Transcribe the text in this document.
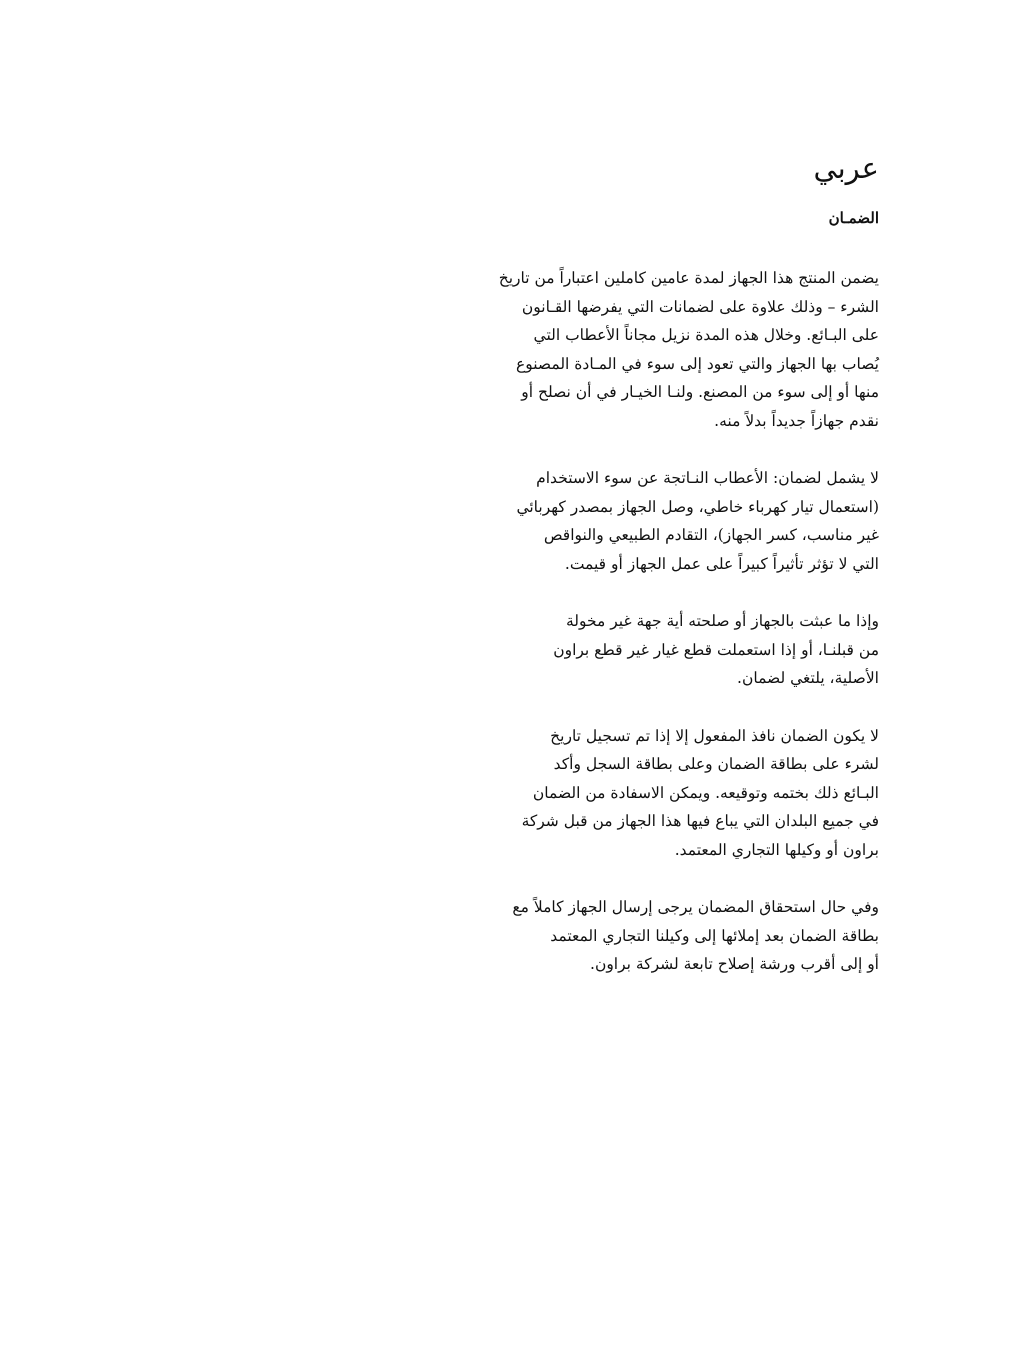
عربي
الضمـان

يضمن المنتج هذا الجهاز لمدة عامين كاملين اعتباراً من تاريخ
الشرء – وذلك علاوة على لضمانات التي يفرضها القـانون
على البـائع. وخلال هذه المدة نزيل مجاناً الأعطاب التي
يُصاب بها الجهاز والتي تعود إلى سوء في المـادة المصنوع
منها أو إلى سوء من المصنع. ولنـا الخيـار في أن نصلح أو
نقدم جهازاً جديداً بدلاً منه.

لا يشمل لضمان: الأعطاب النـاتجة عن سوء الاستخدام
(استعمال تيار كهرباء خاطي، وصل الجهاز بمصدر كهربائي
غير مناسب، كسر الجهاز)، التقادم الطبيعي والنواقص
التي لا تؤثر تأثيراً كبيراً على عمل الجهاز أو قيمت.

وإذا ما عبثت بالجهاز أو صلحته أية جهة غير مخولة
من قبلنـا، أو إذا استعملت قطع غيار غير قطع براون
الأصلية، يلتغي لضمان.

لا يكون الضمان نافذ المفعول إلا إذا تم تسجيل تاريخ
لشرء على بطاقة الضمان وعلى بطاقة السجل وأكد
البـائع ذلك بختمه وتوقيعه. ويمكن الاسفادة من الضمان
في جميع البلدان التي يباع فيها هذا الجهاز من قبل شركة
براون أو وكيلها التجاري المعتمد.

وفي حال استحقاق المضمان يرجى إرسال الجهاز كاملاً مع
بطاقة الضمان بعد إملائها إلى وكيلنا التجاري المعتمد
أو إلى أقرب ورشة إصلاح تابعة لشركة براون.
